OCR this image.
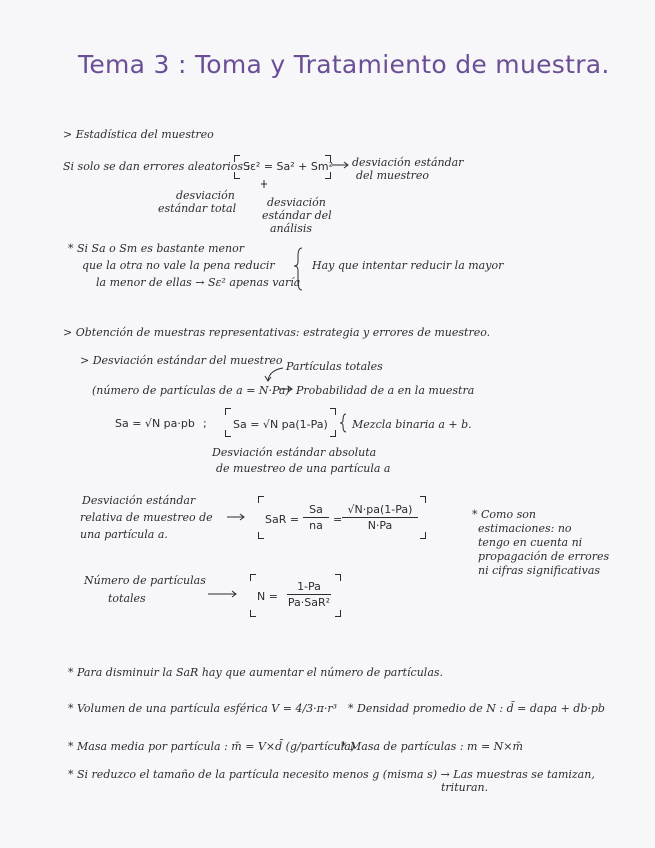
Tema 3 : Toma y Tratamiento de muestra.
> Estadística del muestreo
Si solo se dan errores aleatorios :
Sε² = Sa² + Sm² desviación estándar
del muestreo
desviación
estándar total	desviación
estándar del
análisis
* Si Sa o Sm es bastante menor
que la otra no vale la pena reducir
la menor de ellas → Sε² apenas varía
Hay que intentar reducir la mayor
> Obtención de muestras representativas: estrategia y errores de muestreo.
> Desviación estándar del muestreo Partículas totales
(número de partículas de a = N·Pa) Probabilidad de a en la muestra
Sa = √N pa·pb ; Sa = √N pa(1-Pa) Mezcla binaria a + b.
Desviación estándar absoluta
de muestreo de una partícula a
Desviación estándar
relativa de muestreo de
una partícula a.
SaR =
Sa
na =
√N·pa(1-Pa)
N·Pa
* Como son
estimaciones: no
tengo en cuenta ni
propagación de errores
ni cifras significativas
Número de partículas
totales	N =
1-Pa
Pa·SaR²
* Para disminuir la SaR hay que aumentar el número de partículas.
* Volumen de una partícula esférica V = 4/3·π·r³ * Densidad promedio de N : d̄ = dapa + db·pb
* Masa media por partícula : m̄ = V×d̄ (g/partícula)
* Masa de partículas : m = N×m̄
* Si reduzco el tamaño de la partícula necesito menos g (misma s) → Las muestras se tamizan,
trituran.
